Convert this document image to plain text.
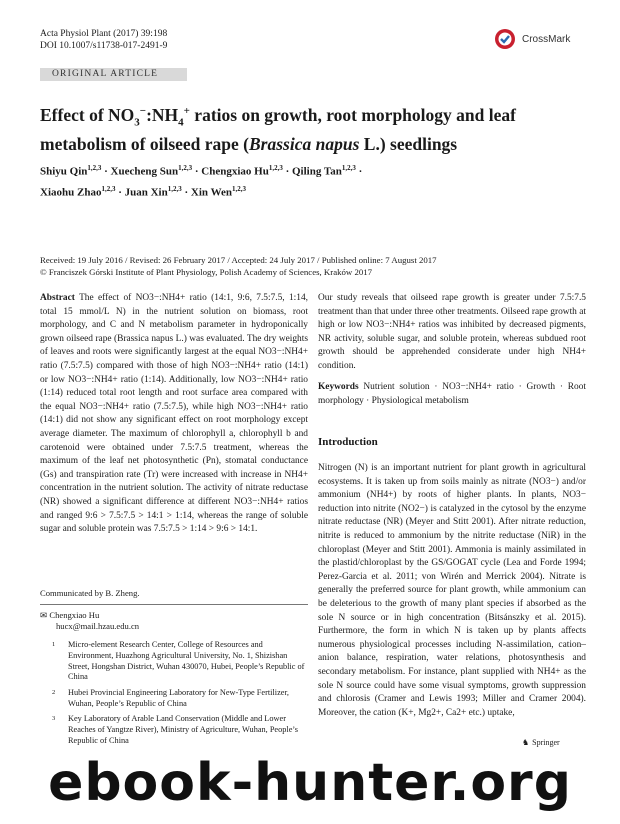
Acta Physiol Plant (2017) 39:198
DOI 10.1007/s11738-017-2491-9
CrossMark
ORIGINAL ARTICLE
Effect of $NO_3^-:NH_4^+$ ratios on growth, root morphology and leaf
metabolism of oilseed rape (Brassica napus L.) seedlings
Shiyu Qin$^{1,2,3}$ · Xuecheng Sun$^{1,2,3}$ · Chengxiao Hu$^{1,2,3}$ · Qiling Tan$^{1,2,3}$ ·
Xiaohu Zhao$^{1,2,3}$ · Juan Xin$^{1,2,3}$ · Xin Wen$^{1,2,3}$
Received: 19 July 2016 / Revised: 26 February 2017 / Accepted: 24 July 2017 / Published online: 7 August 2017
© Franciszek Górski Institute of Plant Physiology, Polish Academy of Sciences, Kraków 2017
Abstract The effect of NO3−:NH4+ ratio (14:1, 9:6, 7.5:7.5, 1:14, total 15 mmol/L N) in the nutrient solution on biomass, root morphology, and C and N metabolism parameter in hydroponically grown oilseed rape (Brassica napus L.) was evaluated. The dry weights of leaves and roots were significantly largest at the equal NO3−:NH4+ ratio (7.5:7.5) compared with those of high NO3−:NH4+ ratio (14:1) or low NO3−:NH4+ ratio (1:14). Additionally, low NO3−:NH4+ ratio (1:14) reduced total root length and root surface area compared with the equal NO3−:NH4+ ratio (7.5:7.5), while high NO3−:NH4+ ratio (14:1) did not show any significant effect on root morphology except average diameter. The maximum of chlorophyll a, chlorophyll b and carotenoid were obtained under 7.5:7.5 treatment, whereas the maximum of the leaf net photosynthetic (Pn), stomatal conductance (Gs) and transpiration rate (Tr) were increased with increase in NH4+ concentration in the nutrient solution. The activity of nitrate reductase (NR) showed a significant difference at different NO3−:NH4+ ratios and ranged 9:6 > 7.5:7.5 > 14:1 > 1:14, whereas the range of soluble sugar and soluble protein was 7.5:7.5 > 1:14 > 9:6 > 14:1.
Our study reveals that oilseed rape growth is greater under 7.5:7.5 treatment than that under three other treatments. Oilseed rape growth at high or low NO3−:NH4+ ratios was inhibited by decreased pigments, NR activity, soluble sugar, and soluble protein, whereas subdued root growth should be apprehended considerate under high NH4+ condition.
Keywords Nutrient solution · NO3−:NH4+ ratio · Growth · Root morphology · Physiological metabolism
Introduction
Nitrogen (N) is an important nutrient for plant growth in agricultural ecosystems. It is taken up from soils mainly as nitrate (NO3−) and/or ammonium (NH4+) by roots of higher plants. In plants, NO3− reduction into nitrite (NO2−) is catalyzed in the cytosol by the enzyme nitrate reductase (NR) (Meyer and Stitt 2001). After nitrate reduction, nitrite is reduced to ammonium by the nitrite reductase (NiR) in the chloroplast (Meyer and Stitt 2001). Ammonia is mainly assimilated in the plastid/chloroplast by the GS/GOGAT cycle (Lea and Forde 1994; Perez-Garcia et al. 2011; von Wirén and Merrick 2004). Nitrate is generally the preferred source for plant growth, while ammonium can be deleterious to the growth of many plant species if absorbed as the sole N source or in high concentration (Bitsánszky et al. 2015). Furthermore, the form in which N is taken up by plants affects numerous physiological processes including N-assimilation, cation–anion balance, respiration, water relations, photosynthesis and secondary metabolism. For instance, plant supplied with NH4+ as the sole N source could have some visual symptoms, growth suppression and chlorosis (Cramer and Lewis 1993; Miller and Cramer 2004). Moreover, the cation (K+, Mg2+, Ca2+ etc.) uptake,
Communicated by B. Zheng.
✉ Chengxiao Hu
hucx@mail.hzau.edu.cn
1 Micro-element Research Center, College of Resources and Environment, Huazhong Agricultural University, No. 1, Shizishan Street, Hongshan District, Wuhan 430070, Hubei, People’s Republic of China
2 Hubei Provincial Engineering Laboratory for New-Type Fertilizer, Wuhan, People’s Republic of China
3 Key Laboratory of Arable Land Conservation (Middle and Lower Reaches of Yangtze River), Ministry of Agriculture, Wuhan, People’s Republic of China	♞ Springer
ebook-hunter.org
